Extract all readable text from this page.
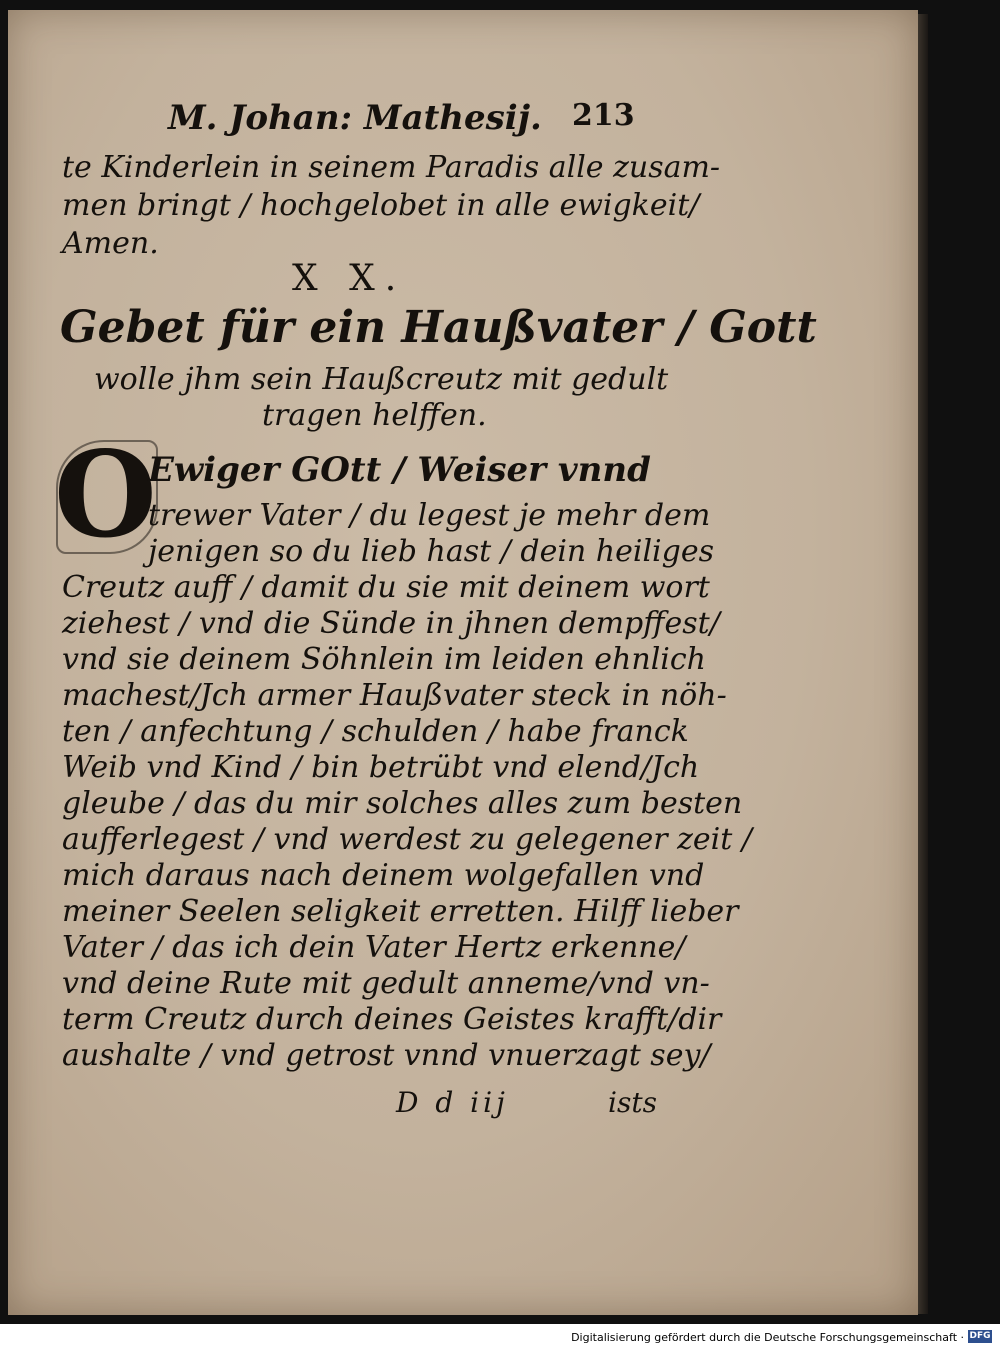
M. Johan: Mathesij.	213

te Kinderlein in seinem Paradis alle zusam-

men bringt / hochgelobet in alle ewigkeit/

Amen.

X X.
Gebet für ein Haußvater / Gott
wolle jhm sein Haußcreutz mit gedult
tragen helffen.
O

Ewiger GOtt / Weiser vnnd

trewer Vater / du legest je mehr dem

jenigen so du lieb hast / dein heiliges

Creutz auff / damit du sie mit deinem wort

ziehest / vnd die Sünde in jhnen dempffest/

vnd sie deinem Söhnlein im leiden ehnlich

machest/Jch armer Haußvater steck in nöh-

ten / anfechtung / schulden / habe franck

Weib vnd Kind / bin betrübt vnd elend/Jch

gleube / das du mir solches alles zum besten

aufferlegest / vnd werdest zu gelegener zeit /

mich daraus nach deinem wolgefallen vnd

meiner Seelen seligkeit erretten. Hilff lieber

Vater / das ich dein Vater Hertz erkenne/

vnd deine Rute mit gedult anneme/vnd vn-

term Creutz durch deines Geistes krafft/dir

aushalte / vnd getrost vnnd vnuerzagt sey/

D d iij	ists
Digitalisierung gefördert durch die Deutsche Forschungsgemeinschaft · DFG
